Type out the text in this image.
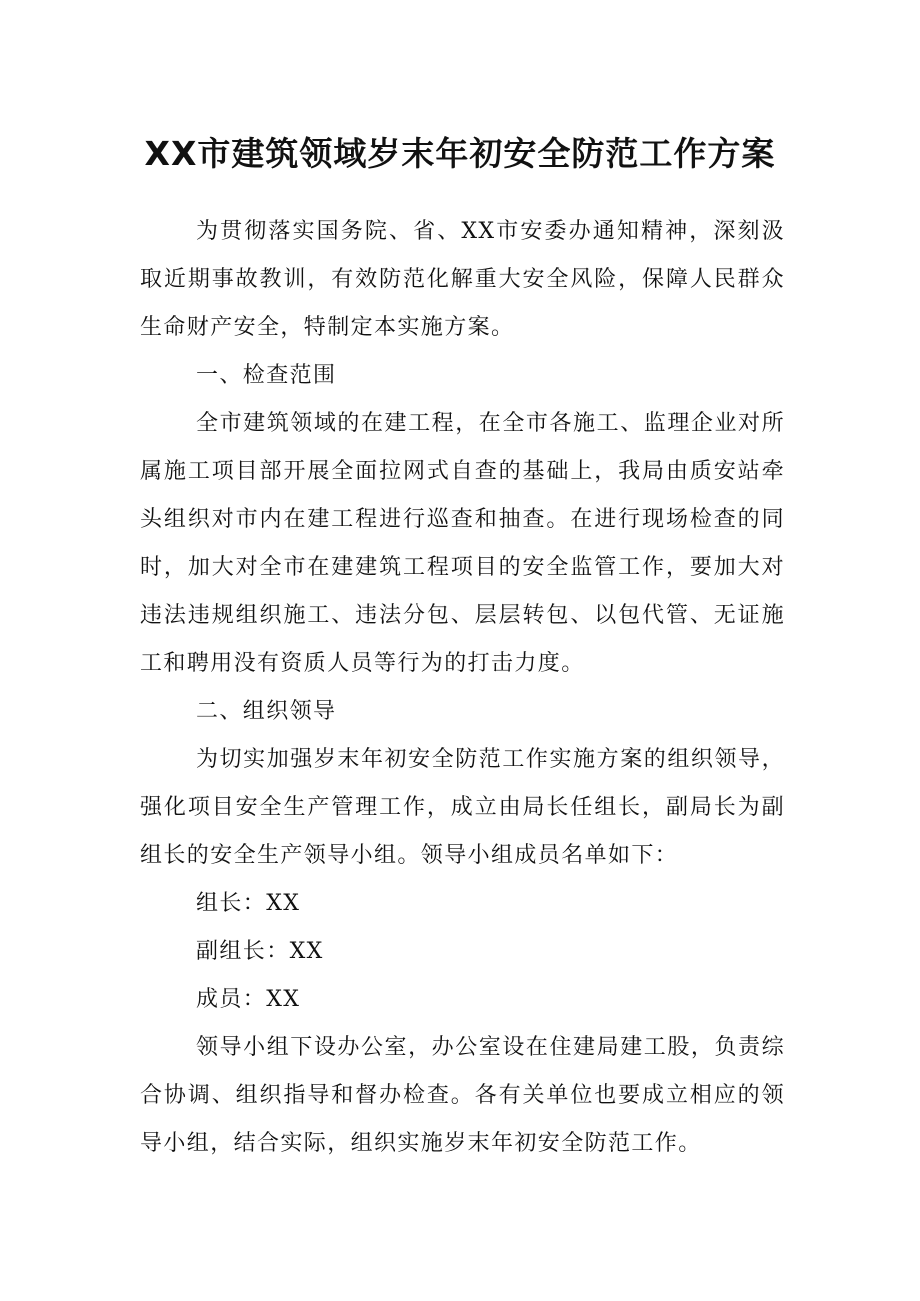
XX市建筑领域岁末年初安全防范工作方案

为贯彻落实国务院、省、XX市安委办通知精神，深刻汲取近期事故教训，有效防范化解重大安全风险，保障人民群众生命财产安全，特制定本实施方案。

一、检查范围

全市建筑领域的在建工程，在全市各施工、监理企业对所属施工项目部开展全面拉网式自查的基础上，我局由质安站牵头组织对市内在建工程进行巡查和抽查。在进行现场检查的同时，加大对全市在建建筑工程项目的安全监管工作，要加大对违法违规组织施工、违法分包、层层转包、以包代管、无证施工和聘用没有资质人员等行为的打击力度。

二、组织领导

为切实加强岁末年初安全防范工作实施方案的组织领导，强化项目安全生产管理工作，成立由局长任组长，副局长为副组长的安全生产领导小组。领导小组成员名单如下：

组长：XX

副组长：XX

成员：XX

领导小组下设办公室，办公室设在住建局建工股，负责综合协调、组织指导和督办检查。各有关单位也要成立相应的领导小组，结合实际，组织实施岁末年初安全防范工作。
